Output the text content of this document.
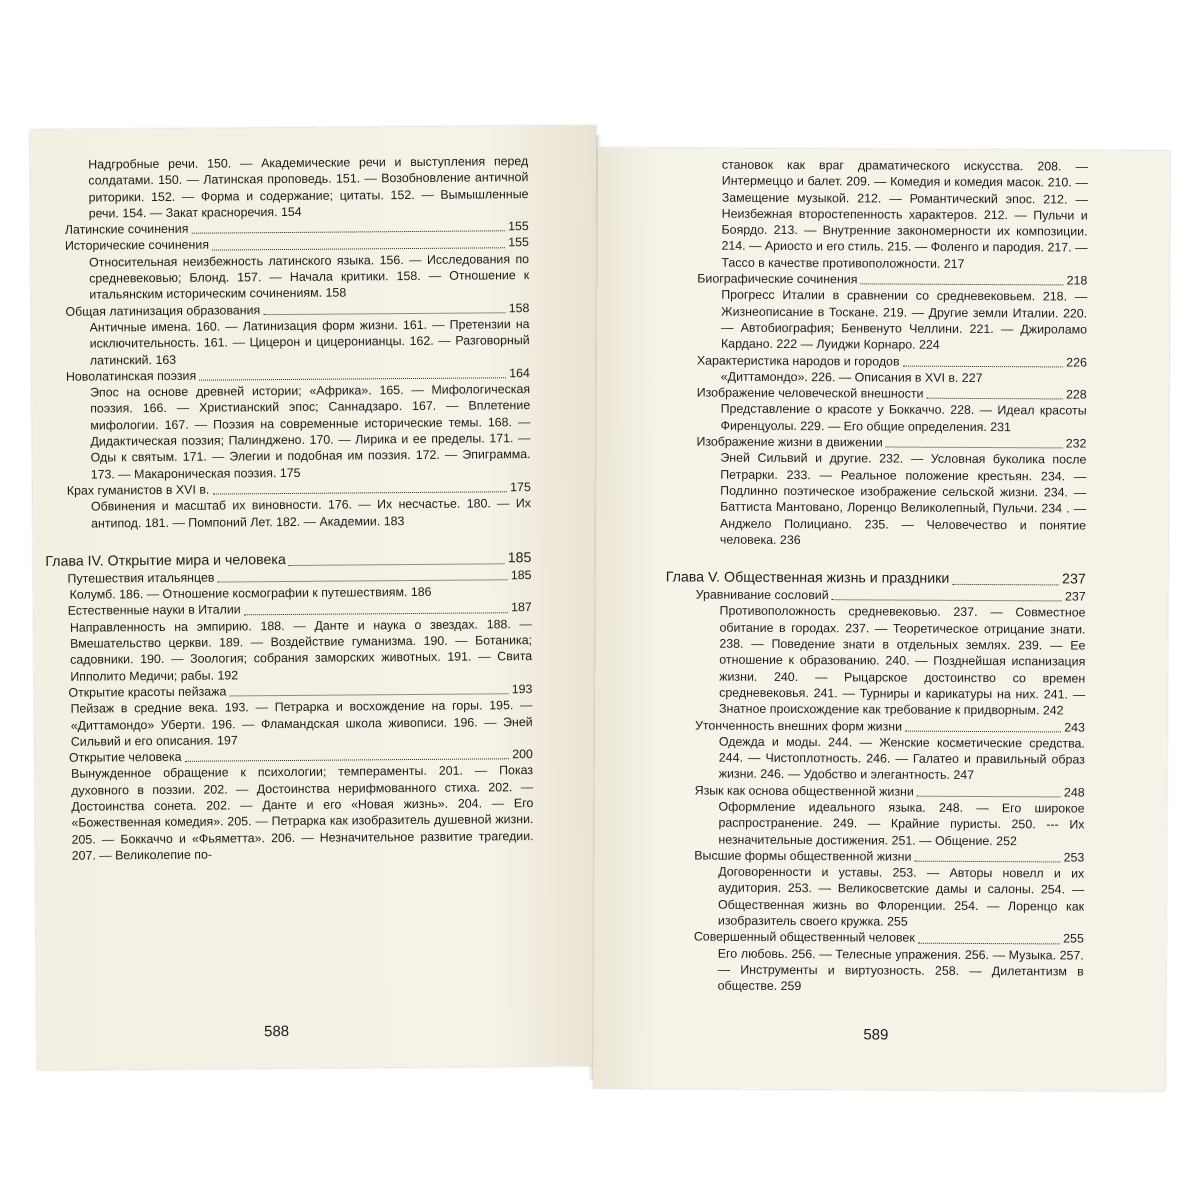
Надгробные речи. 150. — Академические речи и выступления перед солдатами. 150. — Латинская проповедь. 151. — Возобновление античной риторики. 152. — Форма и содержание; цитаты. 152. — Вымышленные речи. 154. — Закат красноречия. 154
Латинские сочинения	155
Исторические сочинения	155
Относительная неизбежность латинского языка. 156. — Исследования по средневековью; Блонд. 157. — Начала критики. 158. — Отношение к итальянским историческим сочинениям. 158
Общая латинизация образования	158
Античные имена. 160. — Латинизация форм жизни. 161. — Претензии на исключительность. 161. — Цицерон и цицеронианцы. 162. — Разговорный латинский. 163
Новолатинская поэзия	164
Эпос на основе древней истории; «Африка». 165. — Мифологическая поэзия. 166. — Христианский эпос; Саннадзаро. 167. — Вплетение мифологии. 167. — Поэзия на современные исторические темы. 168. — Дидактическая поэзия; Палинджено. 170. — Лирика и ее пределы. 171. — Оды к святым. 171. — Элегии и подобная им поэзия. 172. — Эпиграмма. 173. — Макароническая поэзия. 175
Крах гуманистов в XVI в.	175
Обвинения и масштаб их виновности. 176. — Их несчастье. 180. — Их антипод. 181. — Помпоний Лет. 182. — Академии. 183
Глава IV. Открытие мира и человека	185
Путешествия итальянцев	185
Колумб. 186. — Отношение космографии к путешествиям. 186
Естественные науки в Италии	187
Направленность на эмпирию. 188. — Данте и наука о звездах. 188. — Вмешательство церкви. 189. — Воздействие гуманизма. 190. — Ботаника; садовники. 190. — Зоология; собрания заморских животных. 191. — Свита Ипполито Медичи; рабы. 192
Открытие красоты пейзажа	193
Пейзаж в средние века. 193. — Петрарка и восхождение на горы. 195. — «Диттамондо» Уберти. 196. — Фламандская школа живописи. 196. — Эней Сильвий и его описания. 197
Открытие человека	200
Вынужденное обращение к психологии; темпераменты. 201. — Показ духовного в поэзии. 202. — Достоинства нерифмованного стиха. 202. — Достоинства сонета. 202. — Данте и его «Новая жизнь». 204. — Его «Божественная комедия». 205. — Петрарка как изобразитель душевной жизни. 205. — Боккаччо и «Фьяметта». 206. — Незначительное развитие трагедии. 207. — Великолепие по-
588
становок как враг драматического искусства. 208. — Интермеццо и балет. 209. — Комедия и комедия масок. 210. — Замещение музыкой. 212. — Романтический эпос. 212. — Неизбежная второстепенность характеров. 212. — Пульчи и Боярдо. 213. — Внутренние закономерности их композиции. 214. — Ариосто и его стиль. 215. — Фоленго и пародия. 217. — Тассо в качестве противоположности. 217
Биографические сочинения	218
Прогресс Италии в сравнении со средневековьем. 218. — Жизнеописание в Тоскане. 219. — Другие земли Италии. 220. — Автобиография; Бенвенуто Челлини. 221. — Джироламо Кардано. 222 — Луиджи Корнаро. 224
Характеристика народов и городов	226
«Диттамондо». 226. — Описания в XVI в. 227
Изображение человеческой внешности	228
Представление о красоте у Боккаччо. 228. — Идеал красоты Фиренцуолы. 229. — Его общие определения. 231
Изображение жизни в движении	232
Эней Сильвий и другие. 232. — Условная буколика после Петрарки. 233. — Реальное положение крестьян. 234. — Подлинно поэтическое изображение сельской жизни. 234. — Баттиста Мантовано, Лоренцо Великолепный, Пульчи. 234 . — Анджело Полициано. 235. — Человечество и понятие человека. 236
Глава V. Общественная жизнь и праздники	237
Уравнивание сословий	237
Противоположность средневековью. 237. — Совместное обитание в городах. 237. — Теоретическое отрицание знати. 238. — Поведение знати в отдельных землях. 239. — Ее отношение к образованию. 240. — Позднейшая испанизация жизни. 240. — Рыцарское достоинство со времен средневековья. 241. — Турниры и карикатуры на них. 241. — Знатное происхождение как требование к придворным. 242
Утонченность внешних форм жизни	243
Одежда и моды. 244. — Женские косметические средства. 244. — Чистоплотность. 246. — Галатео и правильный образ жизни. 246. — Удобство и элегантность. 247
Язык как основа общественной жизни	248
Оформление идеального языка. 248. — Его широкое распространение. 249. — Крайние пуристы. 250. --- Их незначительные достижения. 251. — Общение. 252
Высшие формы общественной жизни	253
Договоренности и уставы. 253. — Авторы новелл и их аудитория. 253. — Великосветские дамы и салоны. 254. — Общественная жизнь во Флоренции. 254. — Лоренцо как изобразитель своего кружка. 255
Совершенный общественный человек	255
Его любовь. 256. — Телесные упражения. 256. — Музыка. 257. — Инструменты и виртуозность. 258. — Дилетантизм в обществе. 259
589
